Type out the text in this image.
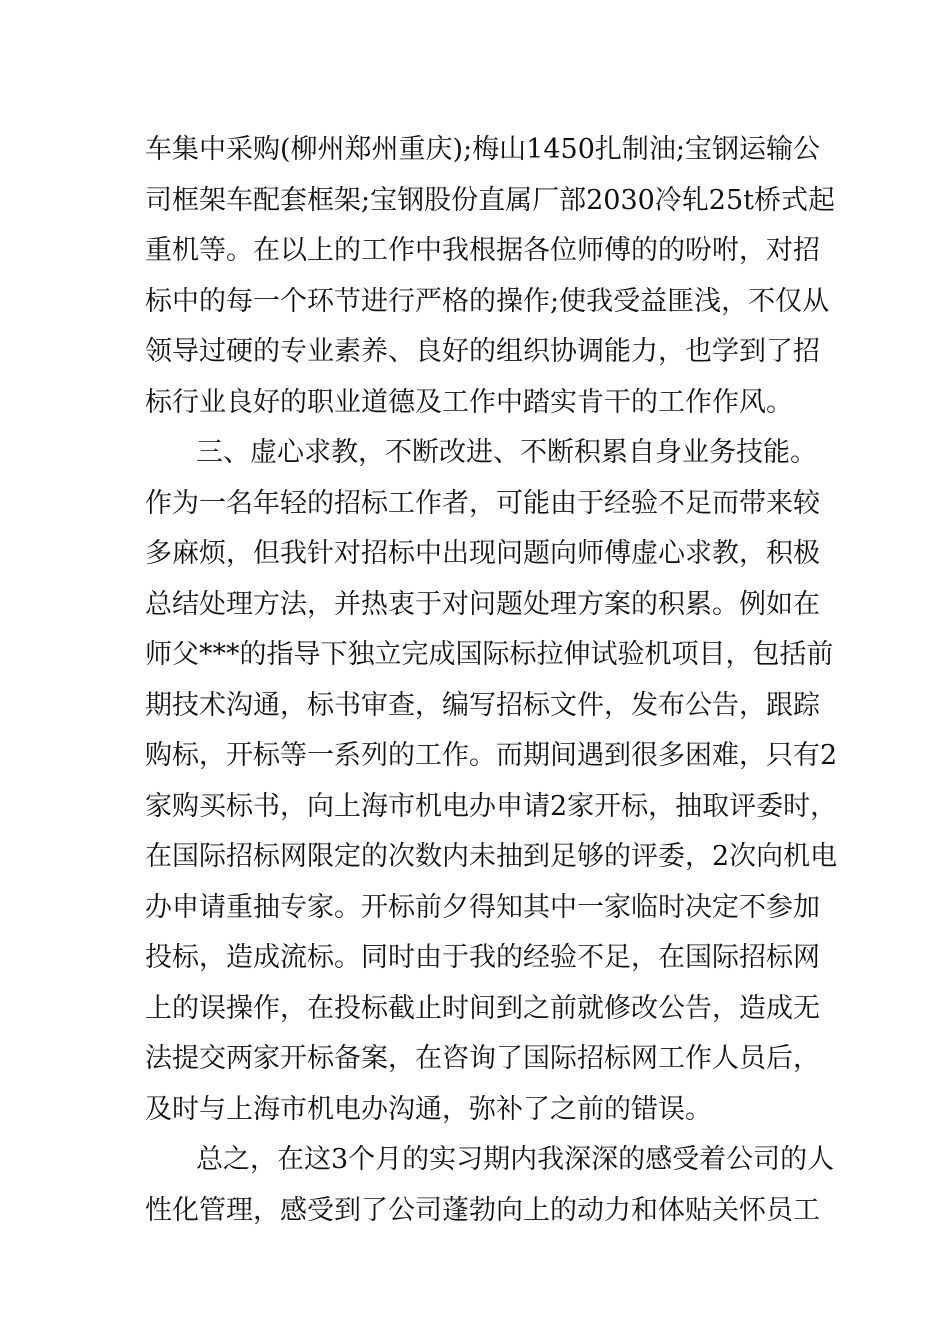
车集中采购(柳州郑州重庆);梅山1450扎制油;宝钢运输公
司框架车配套框架;宝钢股份直属厂部2030冷轧25t桥式起
重机等。在以上的工作中我根据各位师傅的的吩咐，对招
标中的每一个环节进行严格的操作;使我受益匪浅，不仅从
领导过硬的专业素养、良好的组织协调能力，也学到了招
标行业良好的职业道德及工作中踏实肯干的工作作风。
三、虚心求教，不断改进、不断积累自身业务技能。
作为一名年轻的招标工作者，可能由于经验不足而带来较
多麻烦，但我针对招标中出现问题向师傅虚心求教，积极
总结处理方法，并热衷于对问题处理方案的积累。例如在
师父***的指导下独立完成国际标拉伸试验机项目，包括前
期技术沟通，标书审查，编写招标文件，发布公告，跟踪
购标，开标等一系列的工作。而期间遇到很多困难，只有2
家购买标书，向上海市机电办申请2家开标，抽取评委时，
在国际招标网限定的次数内未抽到足够的评委，2次向机电
办申请重抽专家。开标前夕得知其中一家临时决定不参加
投标，造成流标。同时由于我的经验不足，在国际招标网
上的误操作，在投标截止时间到之前就修改公告，造成无
法提交两家开标备案，在咨询了国际招标网工作人员后，
及时与上海市机电办沟通，弥补了之前的错误。
总之，在这3个月的实习期内我深深的感受着公司的人
性化管理，感受到了公司蓬勃向上的动力和体贴关怀员工
